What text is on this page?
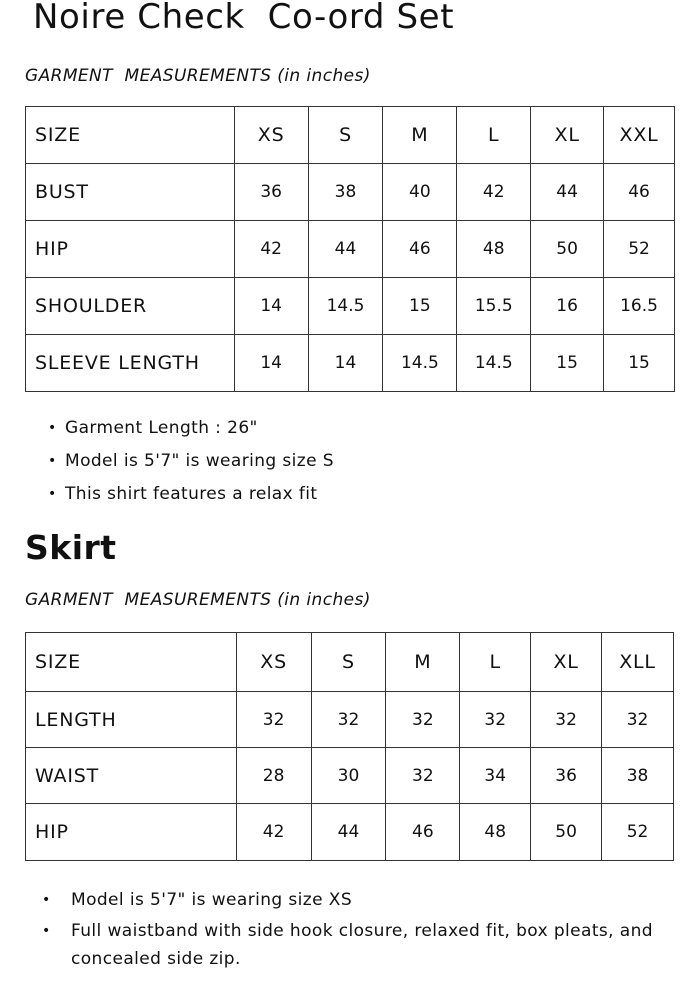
Noire Check  Co-ord Set

GARMENT  MEASUREMENTS (in inches)

SIZE	XS	S	M	L	XL	XXL
BUST	36	38	40	42	44	46
HIP	42	44	46	48	50	52
SHOULDER	14	14.5	15	15.5	16	16.5
SLEEVE LENGTH	14	14	14.5	14.5	15	15
• Garment Length : 26"
• Model is 5'7" is wearing size S
• This shirt features a relax fit
Skirt

GARMENT  MEASUREMENTS (in inches)

SIZE	XS	S	M	L	XL	XLL
LENGTH	32	32	32	32	32	32
WAIST	28	30	32	34	36	38
HIP	42	44	46	48	50	52
• Model is 5'7" is wearing size XS
• Full waistband with side hook closure, relaxed fit, box pleats, and concealed side zip.
